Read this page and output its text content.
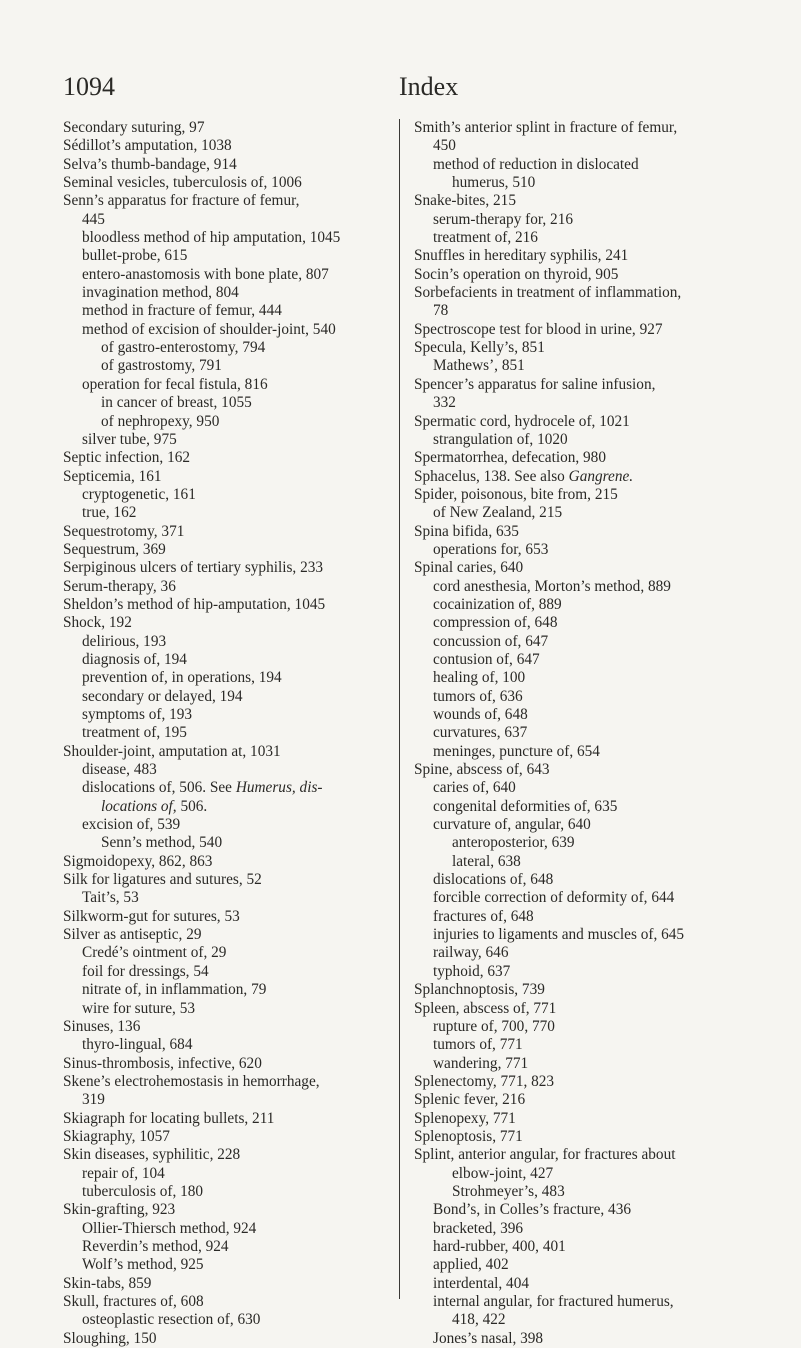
1094	Index
Secondary suturing, 97
Sédillot’s amputation, 1038
Selva’s thumb-bandage, 914
Seminal vesicles, tuberculosis of, 1006
Senn’s apparatus for fracture of femur,
445
bloodless method of hip amputation, 1045
bullet-probe, 615
entero-anastomosis with bone plate, 807
invagination method, 804
method in fracture of femur, 444
method of excision of shoulder-joint, 540
of gastro-enterostomy, 794
of gastrostomy, 791
operation for fecal fistula, 816
in cancer of breast, 1055
of nephropexy, 950
silver tube, 975
Septic infection, 162
Septicemia, 161
cryptogenetic, 161
true, 162
Sequestrotomy, 371
Sequestrum, 369
Serpiginous ulcers of tertiary syphilis, 233
Serum-therapy, 36
Sheldon’s method of hip-amputation, 1045
Shock, 192
delirious, 193
diagnosis of, 194
prevention of, in operations, 194
secondary or delayed, 194
symptoms of, 193
treatment of, 195
Shoulder-joint, amputation at, 1031
disease, 483
dislocations of, 506. See Humerus, dis-
locations of, 506.
excision of, 539
Senn’s method, 540
Sigmoidopexy, 862, 863
Silk for ligatures and sutures, 52
Tait’s, 53
Silkworm-gut for sutures, 53
Silver as antiseptic, 29
Credé’s ointment of, 29
foil for dressings, 54
nitrate of, in inflammation, 79
wire for suture, 53
Sinuses, 136
thyro-lingual, 684
Sinus-thrombosis, infective, 620
Skene’s electrohemostasis in hemorrhage,
319
Skiagraph for locating bullets, 211
Skiagraphy, 1057
Skin diseases, syphilitic, 228
repair of, 104
tuberculosis of, 180
Skin-grafting, 923
Ollier-Thiersch method, 924
Reverdin’s method, 924
Wolf’s method, 925
Skin-tabs, 859
Skull, fractures of, 608
osteoplastic resection of, 630
Sloughing, 150
Smith’s anterior splint in fracture of femur,
450
method of reduction in dislocated
humerus, 510
Snake-bites, 215
serum-therapy for, 216
treatment of, 216
Snuffles in hereditary syphilis, 241
Socin’s operation on thyroid, 905
Sorbefacients in treatment of inflammation,
78
Spectroscope test for blood in urine, 927
Specula, Kelly’s, 851
Mathews’, 851
Spencer’s apparatus for saline infusion,
332
Spermatic cord, hydrocele of, 1021
strangulation of, 1020
Spermatorrhea, defecation, 980
Sphacelus, 138. See also Gangrene.
Spider, poisonous, bite from, 215
of New Zealand, 215
Spina bifida, 635
operations for, 653
Spinal caries, 640
cord anesthesia, Morton’s method, 889
cocainization of, 889
compression of, 648
concussion of, 647
contusion of, 647
healing of, 100
tumors of, 636
wounds of, 648
curvatures, 637
meninges, puncture of, 654
Spine, abscess of, 643
caries of, 640
congenital deformities of, 635
curvature of, angular, 640
anteroposterior, 639
lateral, 638
dislocations of, 648
forcible correction of deformity of, 644
fractures of, 648
injuries to ligaments and muscles of, 645
railway, 646
typhoid, 637
Splanchnoptosis, 739
Spleen, abscess of, 771
rupture of, 700, 770
tumors of, 771
wandering, 771
Splenectomy, 771, 823
Splenic fever, 216
Splenopexy, 771
Splenoptosis, 771
Splint, anterior angular, for fractures about
elbow-joint, 427
Strohmeyer’s, 483
Bond’s, in Colles’s fracture, 436
bracketed, 396
hard-rubber, 400, 401
applied, 402
interdental, 404
internal angular, for fractured humerus,
418, 422
Jones’s nasal, 398
